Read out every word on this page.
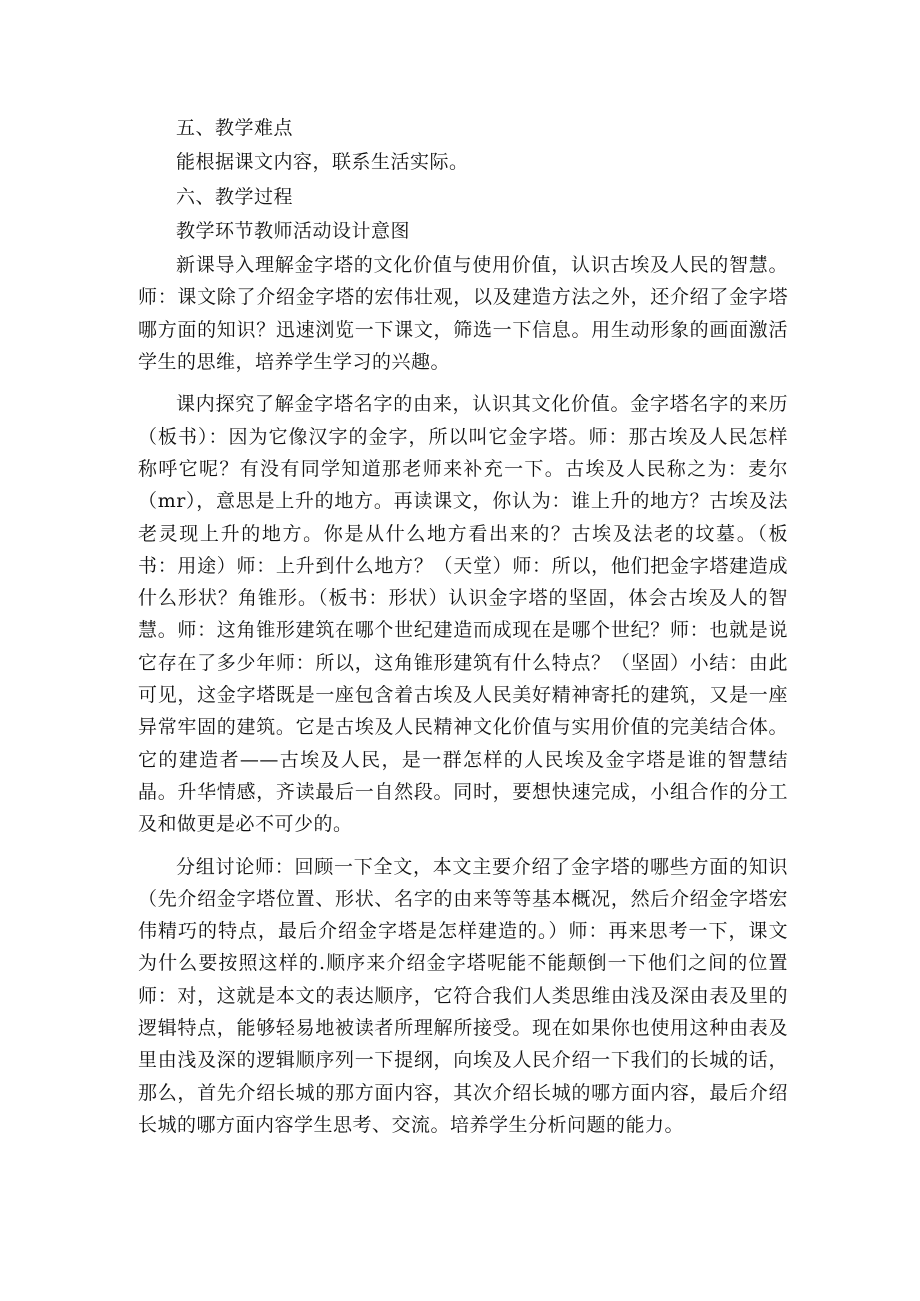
五、教学难点

能根据课文内容，联系生活实际。

六、教学过程

教学环节教师活动设计意图

新课导入理解金字塔的文化价值与使用价值，认识古埃及人民的智慧。师：课文除了介绍金字塔的宏伟壮观，以及建造方法之外，还介绍了金字塔哪方面的知识？迅速浏览一下课文，筛选一下信息。用生动形象的画面激活学生的思维，培养学生学习的兴趣。

课内探究了解金字塔名字的由来，认识其文化价值。金字塔名字的来历（板书）：因为它像汉字的金字，所以叫它金字塔。师：那古埃及人民怎样称呼它呢？有没有同学知道那老师来补充一下。古埃及人民称之为：麦尔（mr），意思是上升的地方。再读课文，你认为：谁上升的地方？古埃及法老灵现上升的地方。你是从什么地方看出来的？古埃及法老的坟墓。（板书：用途）师：上升到什么地方？（天堂）师：所以，他们把金字塔建造成什么形状？角锥形。（板书：形状）认识金字塔的坚固，体会古埃及人的智慧。师：这角锥形建筑在哪个世纪建造而成现在是哪个世纪？师：也就是说它存在了多少年师：所以，这角锥形建筑有什么特点？（坚固）小结：由此可见，这金字塔既是一座包含着古埃及人民美好精神寄托的建筑，又是一座异常牢固的建筑。它是古埃及人民精神文化价值与实用价值的完美结合体。它的建造者——古埃及人民，是一群怎样的人民埃及金字塔是谁的智慧结晶。升华情感，齐读最后一自然段。同时，要想快速完成，小组合作的分工及和做更是必不可少的。

分组讨论师：回顾一下全文，本文主要介绍了金字塔的哪些方面的知识（先介绍金字塔位置、形状、名字的由来等等基本概况，然后介绍金字塔宏伟精巧的特点，最后介绍金字塔是怎样建造的。）师：再来思考一下，课文为什么要按照这样的.顺序来介绍金字塔呢能不能颠倒一下他们之间的位置师：对，这就是本文的表达顺序，它符合我们人类思维由浅及深由表及里的逻辑特点，能够轻易地被读者所理解所接受。现在如果你也使用这种由表及里由浅及深的逻辑顺序列一下提纲，向埃及人民介绍一下我们的长城的话，那么，首先介绍长城的那方面内容，其次介绍长城的哪方面内容，最后介绍长城的哪方面内容学生思考、交流。培养学生分析问题的能力。
